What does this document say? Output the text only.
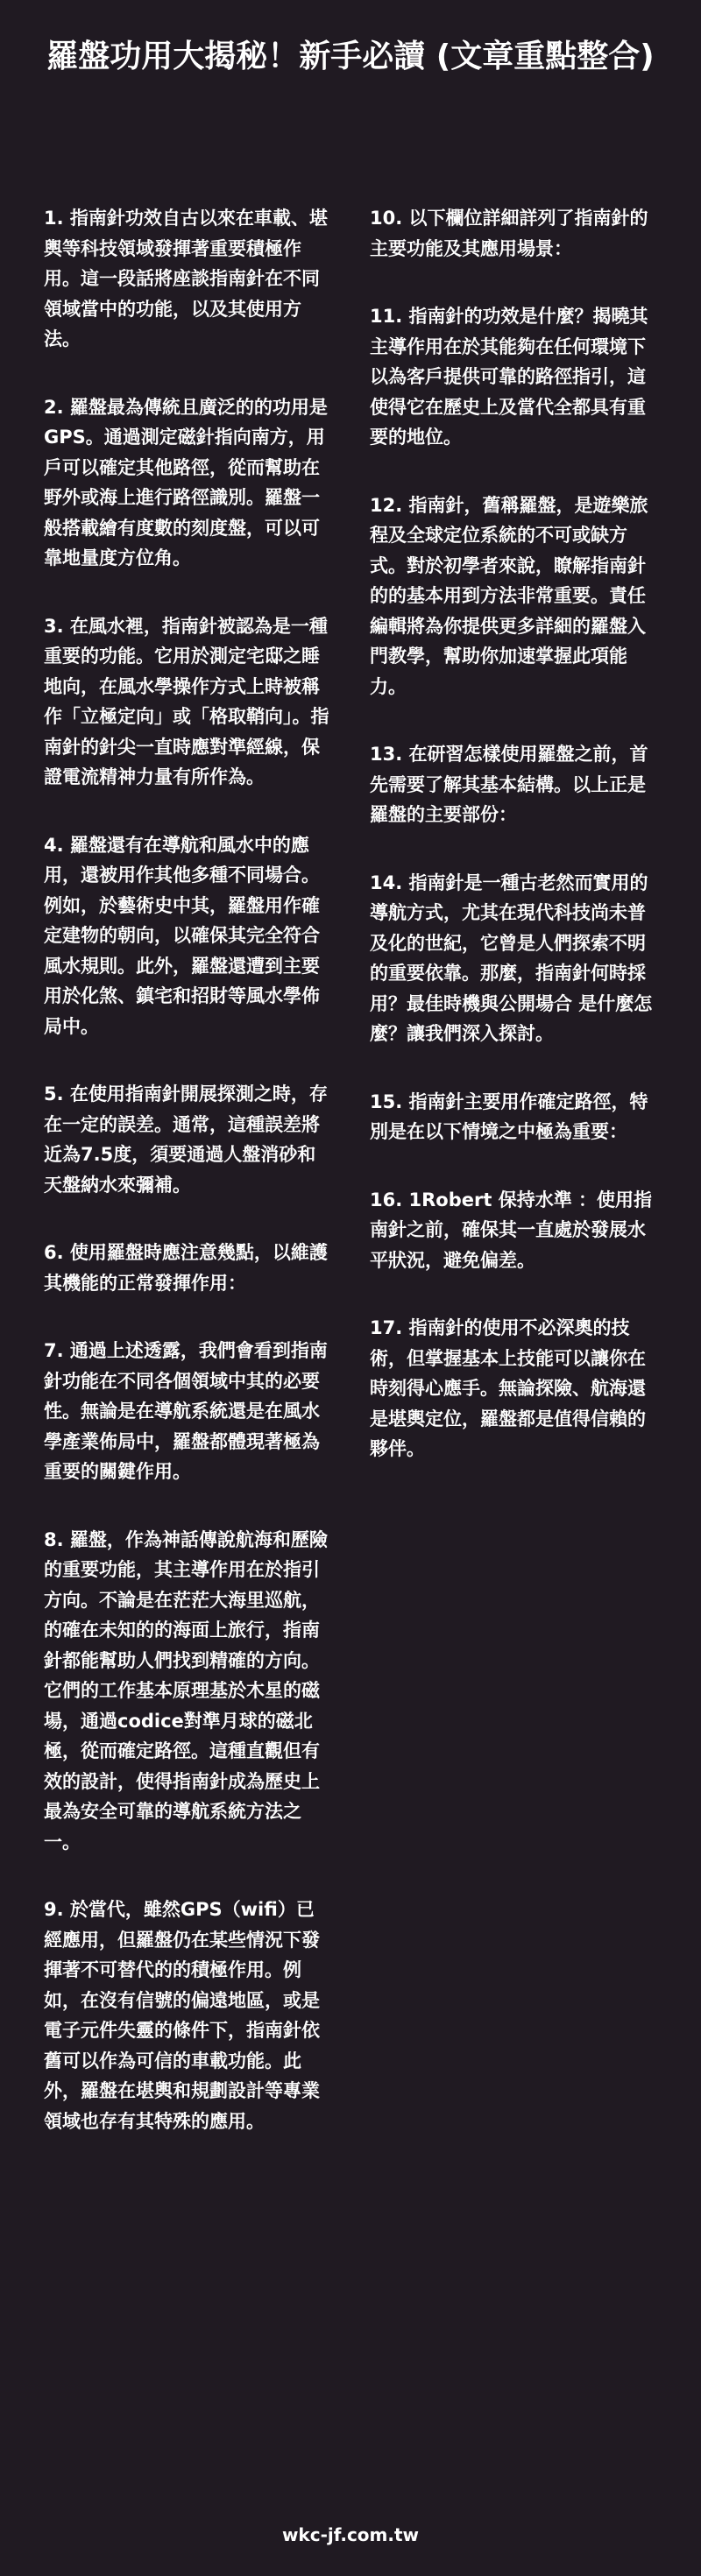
羅盤功用大揭秘！新手必讀 (文章重點整合)

1. 指南針功效自古以來在車載、堪輿等科技領域發揮著重要積極作用。這一段話將座談指南針在不同領域當中的功能，以及其使用方法。

2. 羅盤最為傳統且廣泛的的功用是GPS。通過測定磁針指向南方，用戶可以確定其他路徑，從而幫助在野外或海上進行路徑識別。羅盤一般搭載繪有度數的刻度盤，可以可靠地量度方位角。

3. 在風水裡，指南針被認為是一種重要的功能。它用於測定宅邸之睡地向，在風水學操作方式上時被稱作「立極定向」或「格取鞘向」。指南針的針尖一直時應對準經線，保證電流精神力量有所作為。

4. 羅盤還有在導航和風水中的應用，還被用作其他多種不同場合。例如，於藝術史中其，羅盤用作確定建物的朝向，以確保其完全符合風水規則。此外，羅盤還遭到主要用於化煞、鎮宅和招財等風水學佈局中。

5. 在使用指南針開展探測之時，存在一定的誤差。通常，這種誤差將近為7.5度，須要通過人盤消砂和天盤納水來彌補。

6. 使用羅盤時應注意幾點，以維護其機能的正常發揮作用：

7. 通過上述透露，我們會看到指南針功能在不同各個領域中其的必要性。無論是在導航系統還是在風水學產業佈局中，羅盤都體現著極為重要的關鍵作用。

8. 羅盤，作為神話傳說航海和歷險的重要功能，其主導作用在於指引方向。不論是在茫茫大海里巡航，的確在未知的的海面上旅行，指南針都能幫助人們找到精確的方向。它們的工作基本原理基於木星的磁場，通過codice對準月球的磁北極，從而確定路徑。這種直觀但有效的設計，使得指南針成為歷史上最為安全可靠的導航系統方法之一。

9. 於當代，雖然GPS（wifi）已經應用，但羅盤仍在某些情況下發揮著不可替代的的積極作用。例如，在沒有信號的偏遠地區，或是電子元件失靈的條件下，指南針依舊可以作為可信的車載功能。此外，羅盤在堪輿和規劃設計等專業領域也存有其特殊的應用。

10. 以下欄位詳細詳列了指南針的主要功能及其應用場景：

11. 指南針的功效是什麼？揭曉其主導作用在於其能夠在任何環境下以為客戶提供可靠的路徑指引，這使得它在歷史上及當代全都具有重要的地位。

12. 指南針，舊稱羅盤，是遊樂旅程及全球定位系統的不可或缺方式。對於初學者來說，瞭解指南針的的基本用到方法非常重要。責任編輯將為你提供更多詳細的羅盤入門教學，幫助你加速掌握此項能力。

13. 在研習怎樣使用羅盤之前，首先需要了解其基本結構。以上正是羅盤的主要部份：

14. 指南針是一種古老然而實用的導航方式，尤其在現代科技尚未普及化的世紀，它曾是人們探索不明的重要依靠。那麼，指南針何時採用？最佳時機與公開場合 是什麼怎麼？讓我們深入探討。

15. 指南針主要用作確定路徑，特別是在以下情境之中極為重要：

16. 1Robert 保持水準 ：使用指南針之前，確保其一直處於發展水平狀況，避免偏差。

17. 指南針的使用不必深奧的技術，但掌握基本上技能可以讓你在時刻得心應手。無論探險、航海還是堪輿定位，羅盤都是值得信賴的夥伴。

wkc-jf.com.tw
